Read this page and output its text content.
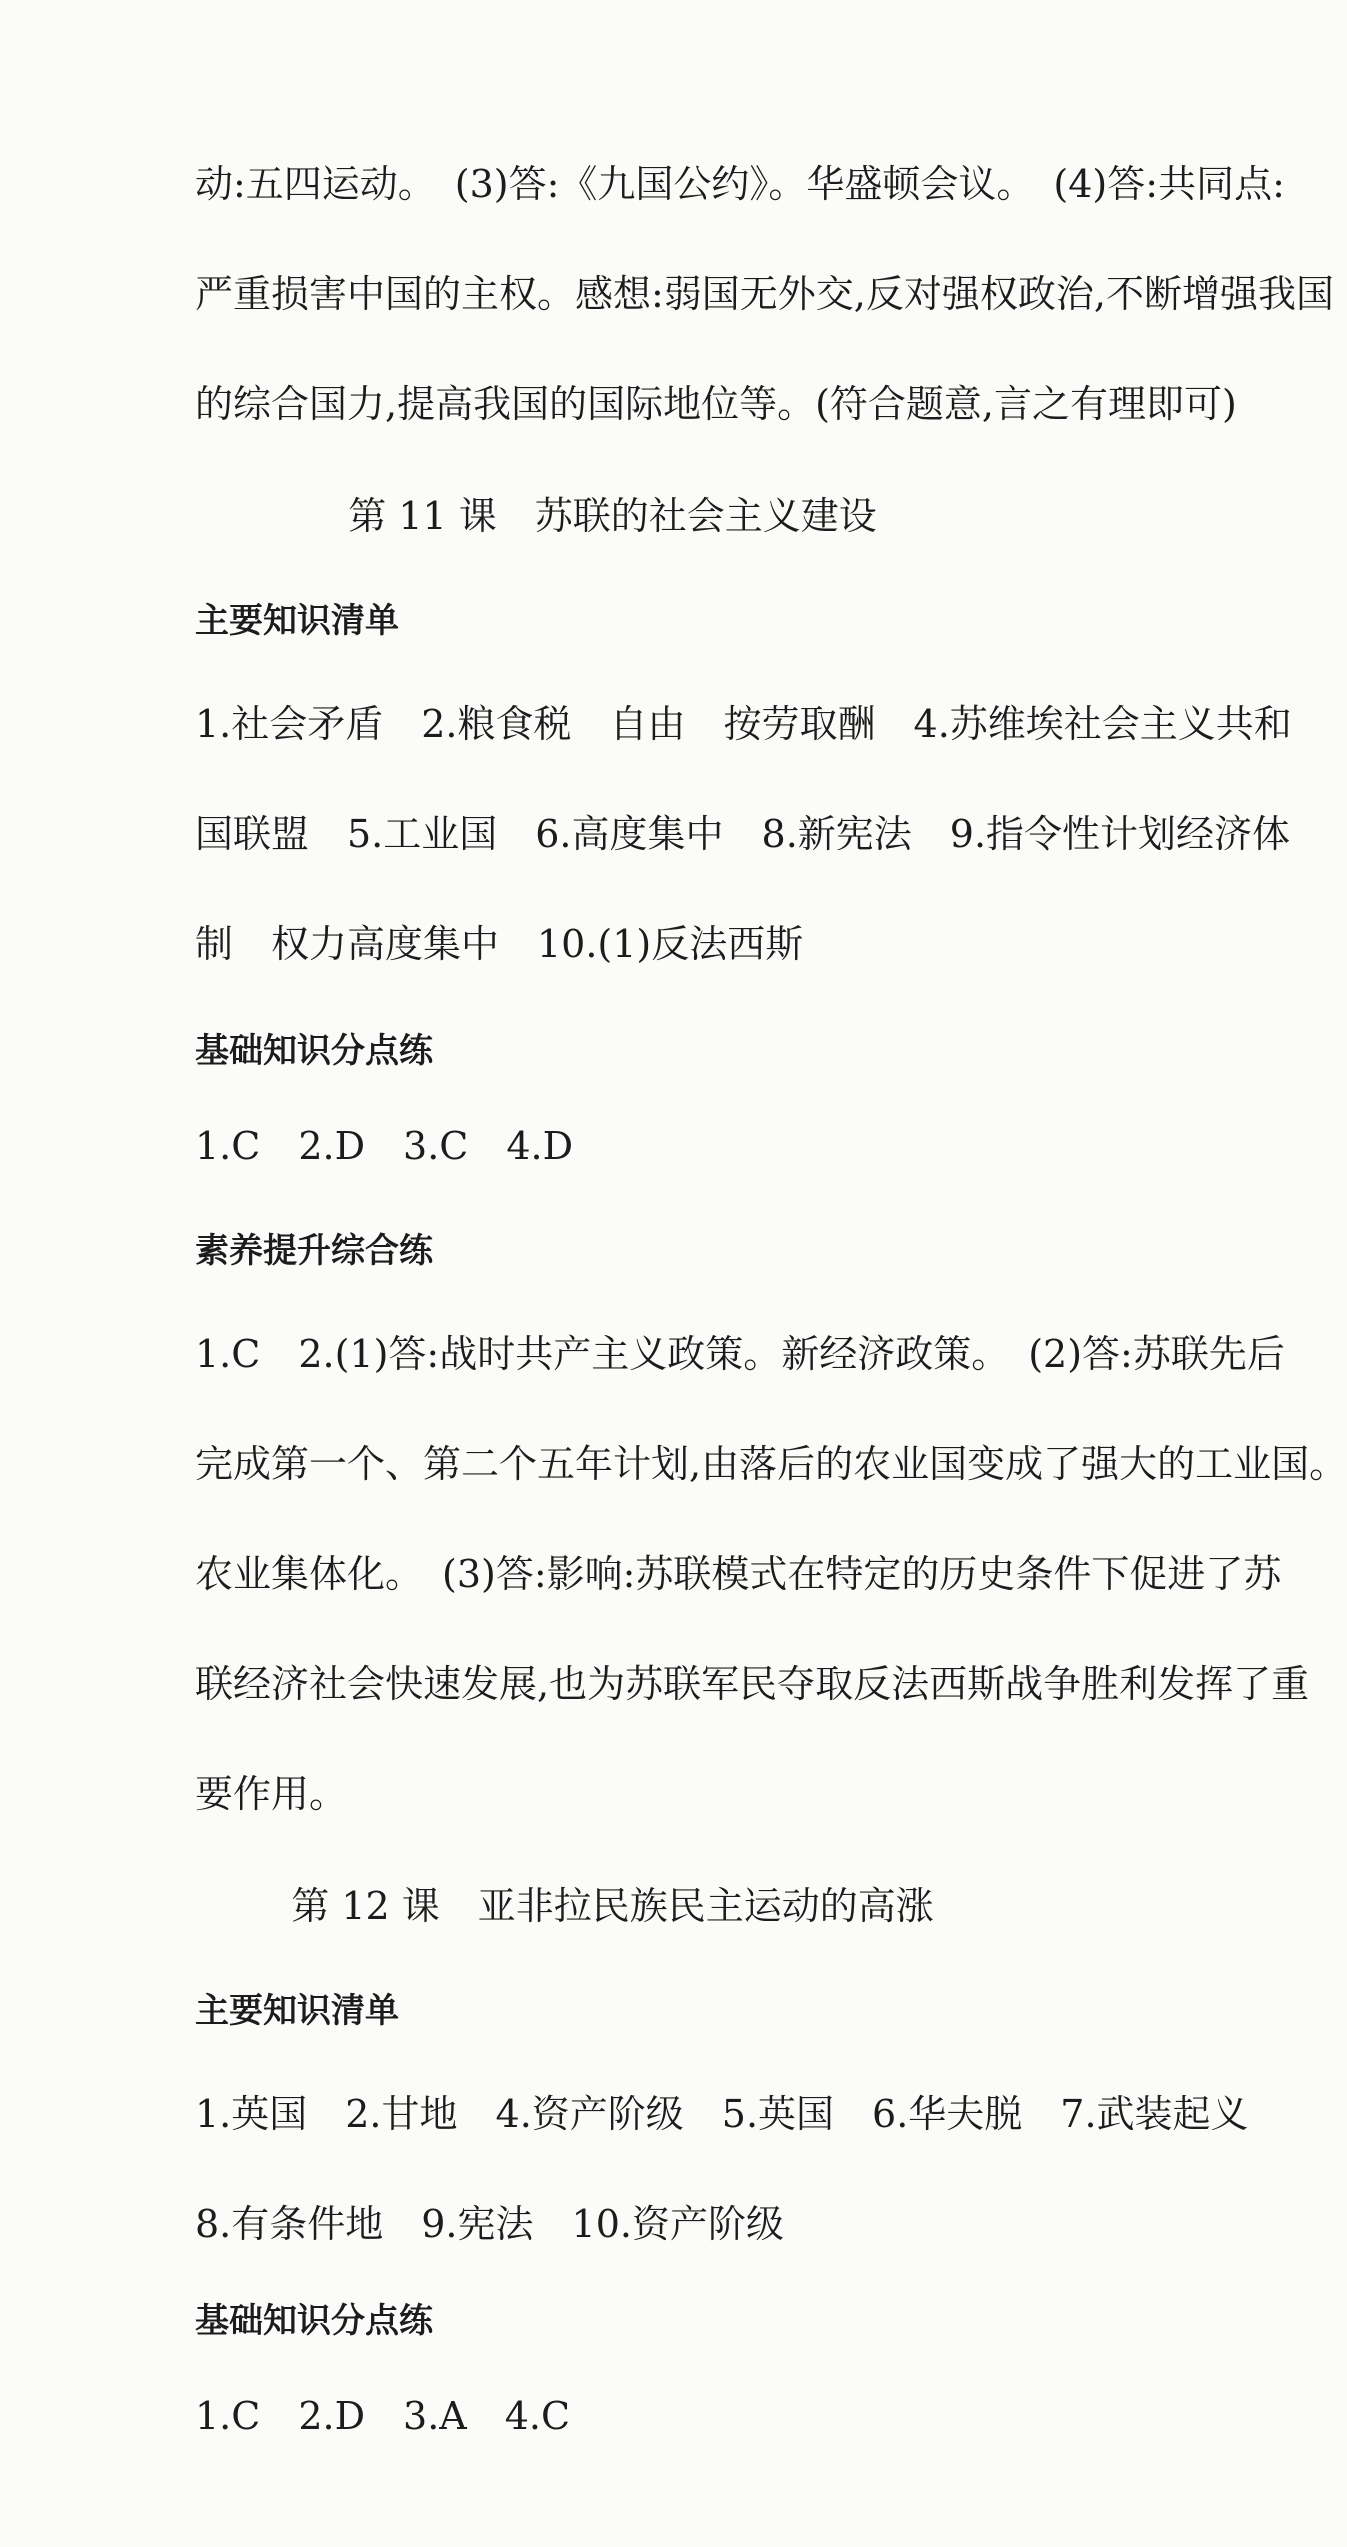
动:五四运动。　(3)答:《九国公约》。华盛顿会议。　(4)答:共同点:
严重损害中国的主权。感想:弱国无外交,反对强权政治,不断增强我国
的综合国力,提高我国的国际地位等。(符合题意,言之有理即可)
第 11 课　苏联的社会主义建设
主要知识清单
1.社会矛盾　2.粮食税　自由　按劳取酬　4.苏维埃社会主义共和
国联盟　5.工业国　6.高度集中　8.新宪法　9.指令性计划经济体
制　权力高度集中　10.(1)反法西斯
基础知识分点练
1.C　2.D　3.C　4.D
素养提升综合练
1.C　2.(1)答:战时共产主义政策。新经济政策。　(2)答:苏联先后
完成第一个、第二个五年计划,由落后的农业国变成了强大的工业国。
农业集体化。　(3)答:影响:苏联模式在特定的历史条件下促进了苏
联经济社会快速发展,也为苏联军民夺取反法西斯战争胜利发挥了重
要作用。
第 12 课　亚非拉民族民主运动的高涨
主要知识清单
1.英国　2.甘地　4.资产阶级　5.英国　6.华夫脱　7.武装起义
8.有条件地　9.宪法　10.资产阶级
基础知识分点练
1.C　2.D　3.A　4.C
